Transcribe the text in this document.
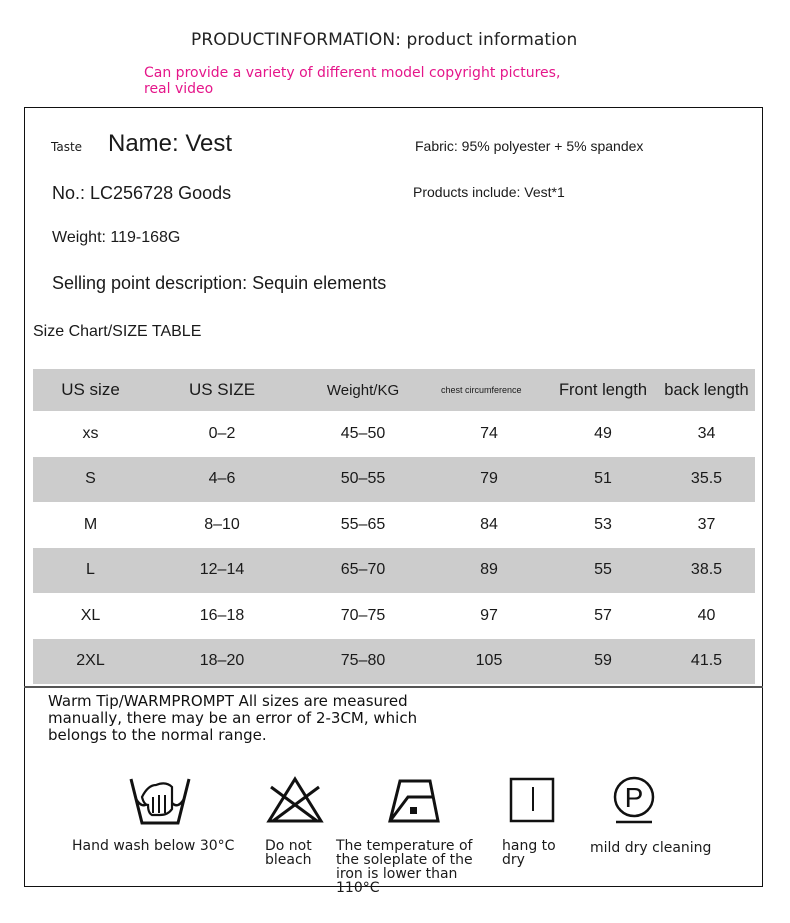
PRODUCTINFORMATION: product information
Can provide a variety of different model copyright pictures, real video
Taste Name: Vest	Fabric: 95% polyester + 5% spandex
No.: LC256728 Goods	Products include: Vest*1
Weight: 119-168G
Selling point description: Sequin elements
Size Chart/SIZE TABLE
US size	US SIZE	Weight/KG	chest circumference	Front length	back length
xs	0–2	45–50	74	49	34
S	4–6	50–55	79	51	35.5
M	8–10	55–65	84	53	37
L	12–14	65–70	89	55	38.5
XL	16–18	70–75	97	57	40
2XL	18–20	75–80	105	59	41.5
Warm Tip/WARMPROMPT All sizes are measured manually, there may be an error of 2-3CM, which belongs to the normal range.
Hand wash below 30°C Do not bleach
The temperature of the soleplate of the iron is lower than 110°C
hang to dry
P
mild dry cleaning
